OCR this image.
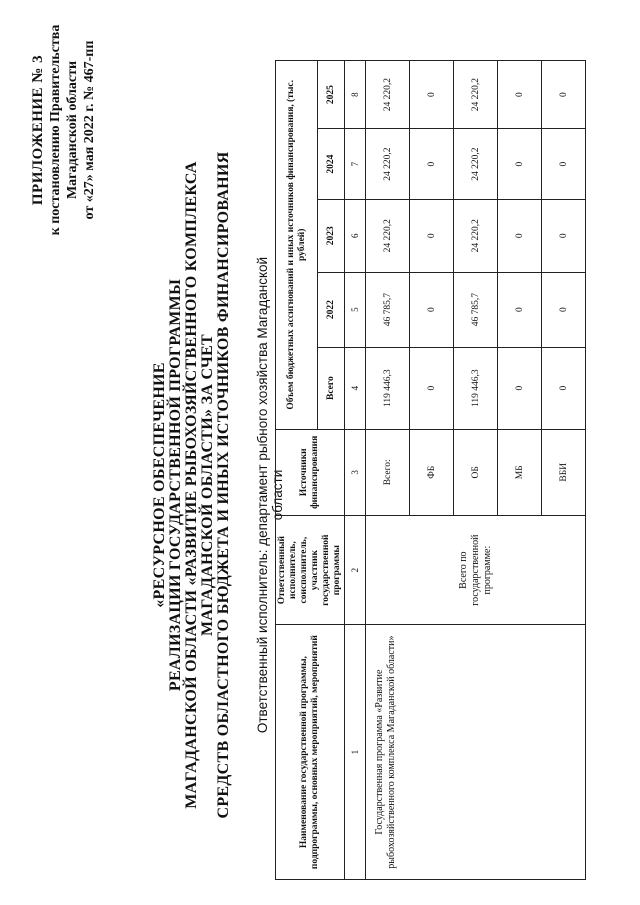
ПРИЛОЖЕНИЕ № 3 к постановлению Правительства Магаданской области от «27» мая 2022 г. № 467-пп
«РЕСУРСНОЕ ОБЕСПЕЧЕНИЕ РЕАЛИЗАЦИИ ГОСУДАРСТВЕННОЙ ПРОГРАММЫ МАГАДАНСКОЙ ОБЛАСТИ «РАЗВИТИЕ РЫБОХОЗЯЙСТВЕННОГО КОМПЛЕКСА МАГАДАНСКОЙ ОБЛАСТИ» ЗА СЧЕТ СРЕДСТВ ОБЛАСТНОГО БЮДЖЕТА И ИНЫХ ИСТОЧНИКОВ ФИНАНСИРОВАНИЯ Ответственный исполнитель: департамент рыбного хозяйства Магаданской области
Наименование государственной программы, подпрограммы, основных мероприятий, мероприятий	Ответственный исполнитель, соисполнитель, участник государственной программы	Источники финансирования	Объем бюджетных ассигнований и иных источников финансирования, (тыс. рублей)				
			Всего	2022	2023	2024	2025
1	2	3	4	5	6	7	8
Государственная программа «Развитие рыбохозяйственного комплекса Магаданской области»	Всего по государственной программе:	Всего:	119 446,3	46 785,7	24 220,2	24 220,2	24 220,2
		ФБ	0	0	0	0	0
		ОБ	119 446,3	46 785,7	24 220,2	24 220,2	24 220,2
		МБ	0	0	0	0	0
		ВБИ	0	0	0	0	0
